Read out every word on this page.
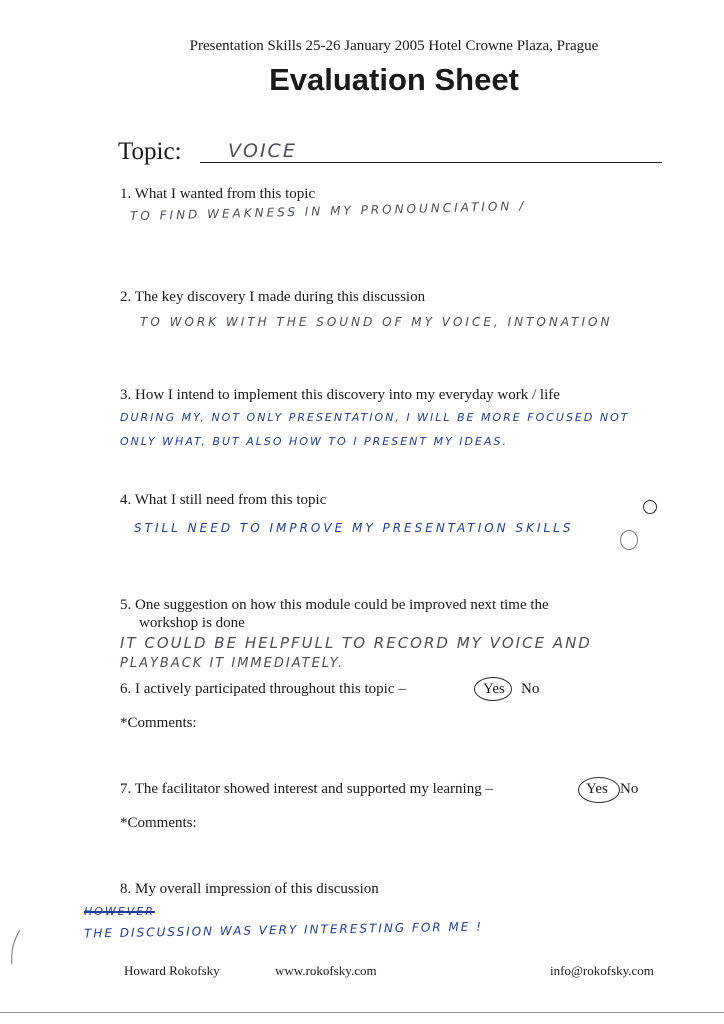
Presentation Skills 25-26 January 2005 Hotel Crowne Plaza, Prague
Evaluation Sheet
Topic: VOICE
1. What I wanted from this topic
TO FIND WEAKNESS IN MY PRONOUNCIATION /
2. The key discovery I made during this discussion
TO WORK WITH THE SOUND OF MY VOICE, INTONATION
3. How I intend to implement this discovery into my everyday work / life
DURING MY, NOT ONLY PRESENTATION, I WILL BE MORE FOCUSED NOT
ONLY WHAT, BUT ALSO HOW TO I PRESENT MY IDEAS.
4. What I still need from this topic
STILL NEED TO IMPROVE MY PRESENTATION SKILLS
5. One suggestion on how this module could be improved next time the
workshop is done
IT COULD BE HELPFULL TO RECORD MY VOICE AND
PLAYBACK IT IMMEDIATELY.
6. I actively participated throughout this topic –	Yes No
*Comments:
7. The facilitator showed interest and supported my learning –	Yes No
*Comments:
8. My overall impression of this discussion
HOWEVER
THE DISCUSSION WAS VERY INTERESTING FOR ME !
Howard Rokofsky	www.rokofsky.com	info@rokofsky.com
